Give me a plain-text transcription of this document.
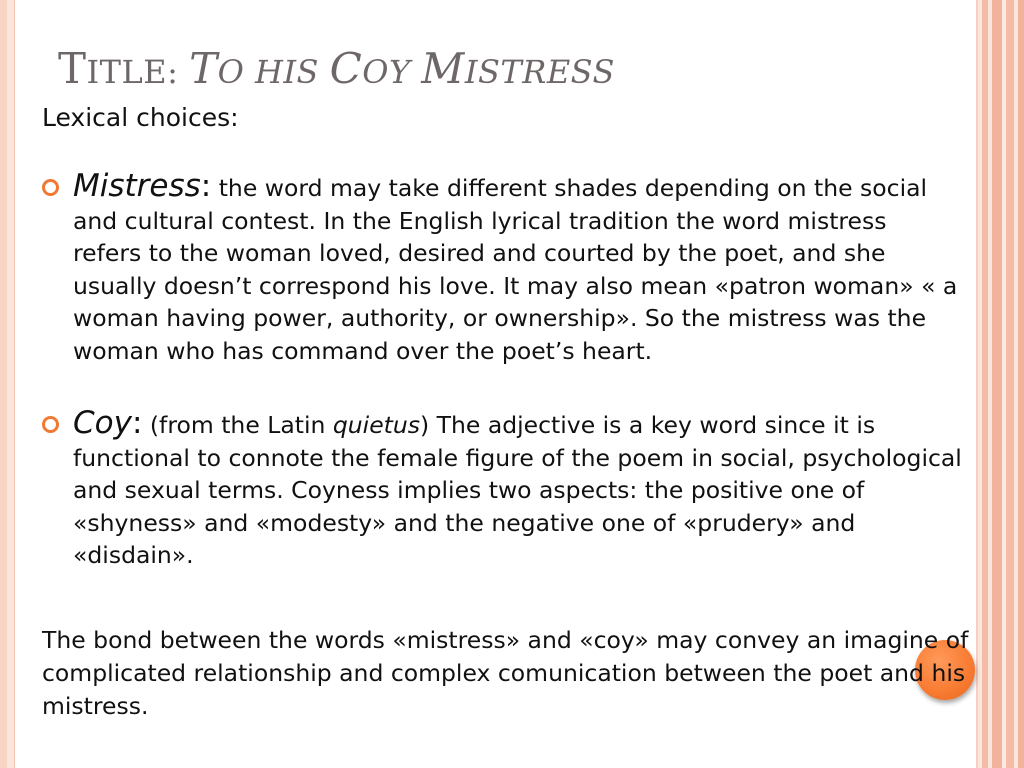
TITLE: TO HIS COY MISTRESS
Lexical choices:
Mistress: the word may take different shades depending on the social and cultural contest. In the English lyrical tradition the word mistress refers to the woman loved, desired and courted by the poet, and she usually doesn’t correspond his love. It may also mean «patron woman» « a woman having power, authority, or ownership». So the mistress was the woman who has command over the poet’s heart.
Coy: (from the Latin quietus) The adjective is a key word since it is functional to connote the female figure of the poem in social, psychological and sexual terms. Coyness implies two aspects: the positive one of «shyness» and «modesty» and the negative one of «prudery» and «disdain».
The bond between the words «mistress» and «coy» may convey an imagine of complicated relationship and complex comunication between the poet and his mistress.
